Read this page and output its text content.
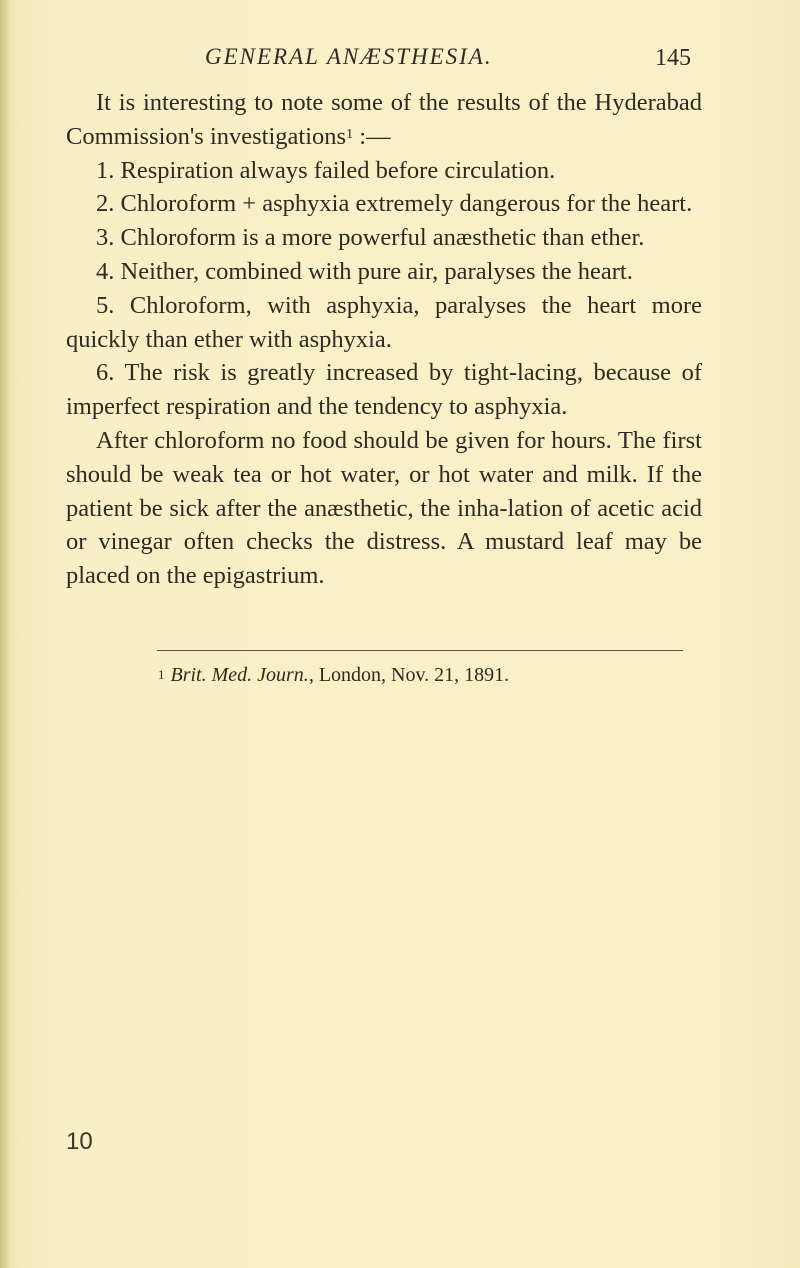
GENERAL ANÆSTHESIA.	145

It is interesting to note some of the results of the Hyderabad Commission's investigations$^1$ :—

1. Respiration always failed before circulation.

2. Chloroform + asphyxia extremely dangerous for the heart.

3. Chloroform is a more powerful anæsthetic than ether.

4. Neither, combined with pure air, paralyses the heart.

5. Chloroform, with asphyxia, paralyses the heart more quickly than ether with asphyxia.

6. The risk is greatly increased by tight-lacing, because of imperfect respiration and the tendency to asphyxia.

After chloroform no food should be given for hours. The first should be weak tea or hot water, or hot water and milk. If the patient be sick after the anæsthetic, the inha-lation of acetic acid or vinegar often checks the distress. A mustard leaf may be placed on the epigastrium.

$^1$ Brit. Med. Journ., London, Nov. 21, 1891.
10
